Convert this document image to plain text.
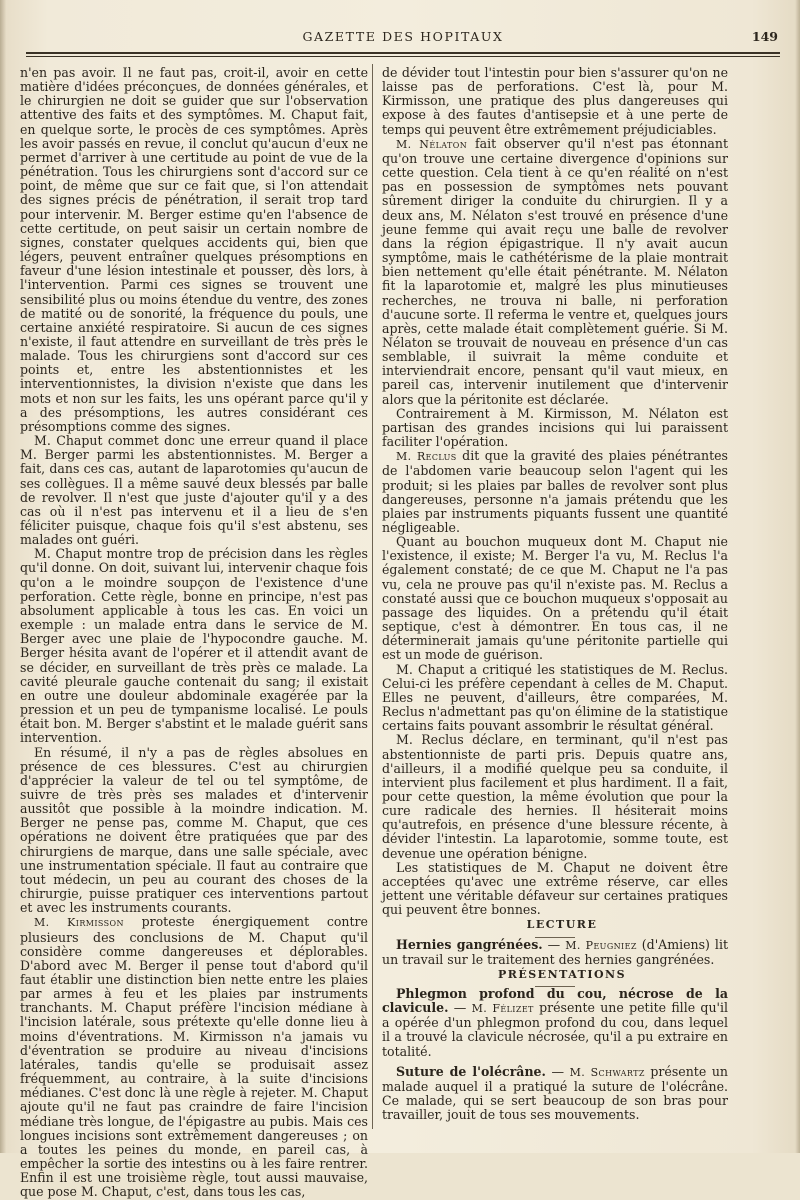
GAZETTE DES HOPITAUX	149

n'en pas avoir. Il ne faut pas, croit-il, avoir en cette matière d'idées préconçues, de données générales, et le chirurgien ne doit se guider que sur l'observation attentive des faits et des symptômes. M. Chaput fait, en quelque sorte, le procès de ces symptômes. Après les avoir passés en revue, il conclut qu'aucun d'eux ne permet d'arriver à une certitude au point de vue de la pénétration. Tous les chirurgiens sont d'accord sur ce point, de même que sur ce fait que, si l'on attendait des signes précis de pénétration, il serait trop tard pour intervenir. M. Berger estime qu'en l'absence de cette certitude, on peut saisir un certain nombre de signes, constater quelques accidents qui, bien que légers, peuvent entraîner quelques présomptions en faveur d'une lésion intestinale et pousser, dès lors, à l'intervention. Parmi ces signes se trouvent une sensibilité plus ou moins étendue du ventre, des zones de matité ou de sonorité, la fréquence du pouls, une certaine anxiété respiratoire. Si aucun de ces signes n'existe, il faut attendre en surveillant de très près le malade. Tous les chirurgiens sont d'accord sur ces points et, entre les abstentionnistes et les interventionnistes, la division n'existe que dans les mots et non sur les faits, les uns opérant parce qu'il y a des présomptions, les autres considérant ces présomptions comme des signes.

M. Chaput commet donc une erreur quand il place M. Berger parmi les abstentionnistes. M. Berger a fait, dans ces cas, autant de laparotomies qu'aucun de ses collègues. Il a même sauvé deux blessés par balle de revolver. Il n'est que juste d'ajouter qu'il y a des cas où il n'est pas intervenu et il a lieu de s'en féliciter puisque, chaque fois qu'il s'est abstenu, ses malades ont guéri.

M. Chaput montre trop de précision dans les règles qu'il donne. On doit, suivant lui, intervenir chaque fois qu'on a le moindre soupçon de l'existence d'une perforation. Cette règle, bonne en principe, n'est pas absolument applicable à tous les cas. En voici un exemple : un malade entra dans le service de M. Berger avec une plaie de l'hypocondre gauche. M. Berger hésita avant de l'opérer et il attendit avant de se décider, en surveillant de très près ce malade. La cavité pleurale gauche contenait du sang; il existait en outre une douleur abdominale exagérée par la pression et un peu de tympanisme localisé. Le pouls était bon. M. Berger s'abstint et le malade guérit sans intervention.

En résumé, il n'y a pas de règles absolues en présence de ces blessures. C'est au chirurgien d'apprécier la valeur de tel ou tel symptôme, de suivre de très près ses malades et d'intervenir aussitôt que possible à la moindre indication. M. Berger ne pense pas, comme M. Chaput, que ces opérations ne doivent être pratiquées que par des chirurgiens de marque, dans une salle spéciale, avec une instrumentation spéciale. Il faut au contraire que tout médecin, un peu au courant des choses de la chirurgie, puisse pratiquer ces interventions partout et avec les instruments courants.

M. Kirmisson proteste énergiquement contre plusieurs des conclusions de M. Chaput qu'il considère comme dangereuses et déplorables. D'abord avec M. Berger il pense tout d'abord qu'il faut établir une distinction bien nette entre les plaies par armes à feu et les plaies par instruments tranchants. M. Chaput préfère l'incision médiane à l'incision latérale, sous prétexte qu'elle donne lieu à moins d'éventrations. M. Kirmisson n'a jamais vu d'éventration se produire au niveau d'incisions latérales, tandis qu'elle se produisait assez fréquemment, au contraire, à la suite d'incisions médianes. C'est donc là une règle à rejeter. M. Chaput ajoute qu'il ne faut pas craindre de faire l'incision médiane très longue, de l'épigastre au pubis. Mais ces longues incisions sont extrêmement dangereuses ; on a toutes les peines du monde, en pareil cas, à empêcher la sortie des intestins ou à les faire rentrer. Enfin il est une troisième règle, tout aussi mauvaise, que pose M. Chaput, c'est, dans tous les cas,

de dévider tout l'intestin pour bien s'assurer qu'on ne laisse pas de perforations. C'est là, pour M. Kirmisson, une pratique des plus dangereuses qui expose à des fautes d'antisepsie et à une perte de temps qui peuvent être extrêmement préjudiciables.

M. Nélaton fait observer qu'il n'est pas étonnant qu'on trouve une certaine divergence d'opinions sur cette question. Cela tient à ce qu'en réalité on n'est pas en possession de symptômes nets pouvant sûrement diriger la conduite du chirurgien. Il y a deux ans, M. Nélaton s'est trouvé en présence d'une jeune femme qui avait reçu une balle de revolver dans la région épigastrique. Il n'y avait aucun symptôme, mais le cathétérisme de la plaie montrait bien nettement qu'elle était pénétrante. M. Nélaton fit la laparotomie et, malgré les plus minutieuses recherches, ne trouva ni balle, ni perforation d'aucune sorte. Il referma le ventre et, quelques jours après, cette malade était complètement guérie. Si M. Nélaton se trouvait de nouveau en présence d'un cas semblable, il suivrait la même conduite et interviendrait encore, pensant qu'il vaut mieux, en pareil cas, intervenir inutilement que d'intervenir alors que la péritonite est déclarée.

Contrairement à M. Kirmisson, M. Nélaton est partisan des grandes incisions qui lui paraissent faciliter l'opération.

M. Reclus dit que la gravité des plaies pénétrantes de l'abdomen varie beaucoup selon l'agent qui les produit; si les plaies par balles de revolver sont plus dangereuses, personne n'a jamais prétendu que les plaies par instruments piquants fussent une quantité négligeable.

Quant au bouchon muqueux dont M. Chaput nie l'existence, il existe; M. Berger l'a vu, M. Reclus l'a également constaté; de ce que M. Chaput ne l'a pas vu, cela ne prouve pas qu'il n'existe pas. M. Reclus a constaté aussi que ce bouchon muqueux s'opposait au passage des liquides. On a prétendu qu'il était septique, c'est à démontrer. En tous cas, il ne déterminerait jamais qu'une péritonite partielle qui est un mode de guérison.

M. Chaput a critiqué les statistiques de M. Reclus. Celui-ci les préfère cependant à celles de M. Chaput. Elles ne peuvent, d'ailleurs, être comparées, M. Reclus n'admettant pas qu'on élimine de la statistique certains faits pouvant assombrir le résultat général.

M. Reclus déclare, en terminant, qu'il n'est pas abstentionniste de parti pris. Depuis quatre ans, d'ailleurs, il a modifié quelque peu sa conduite, il intervient plus facilement et plus hardiment. Il a fait, pour cette question, la même évolution que pour la cure radicale des hernies. Il hésiterait moins qu'autrefois, en présence d'une blessure récente, à dévider l'intestin. La laparotomie, somme toute, est devenue une opération bénigne.

Les statistiques de M. Chaput ne doivent être acceptées qu'avec une extrême réserve, car elles jettent une véritable défaveur sur certaines pratiques qui peuvent être bonnes.

LECTURE

Hernies gangrénées. — M. Peugniez (d'Amiens) lit un travail sur le traitement des hernies gangrénées.

PRÉSENTATIONS

Phlegmon profond du cou, nécrose de la clavicule. — M. Félizet présente une petite fille qu'il a opérée d'un phlegmon profond du cou, dans lequel il a trouvé la clavicule nécrosée, qu'il a pu extraire en totalité.

Suture de l'olécrâne. — M. Schwartz présente un malade auquel il a pratiqué la suture de l'olécrâne. Ce malade, qui se sert beaucoup de son bras pour travailler, jouit de tous ses mouvements.
